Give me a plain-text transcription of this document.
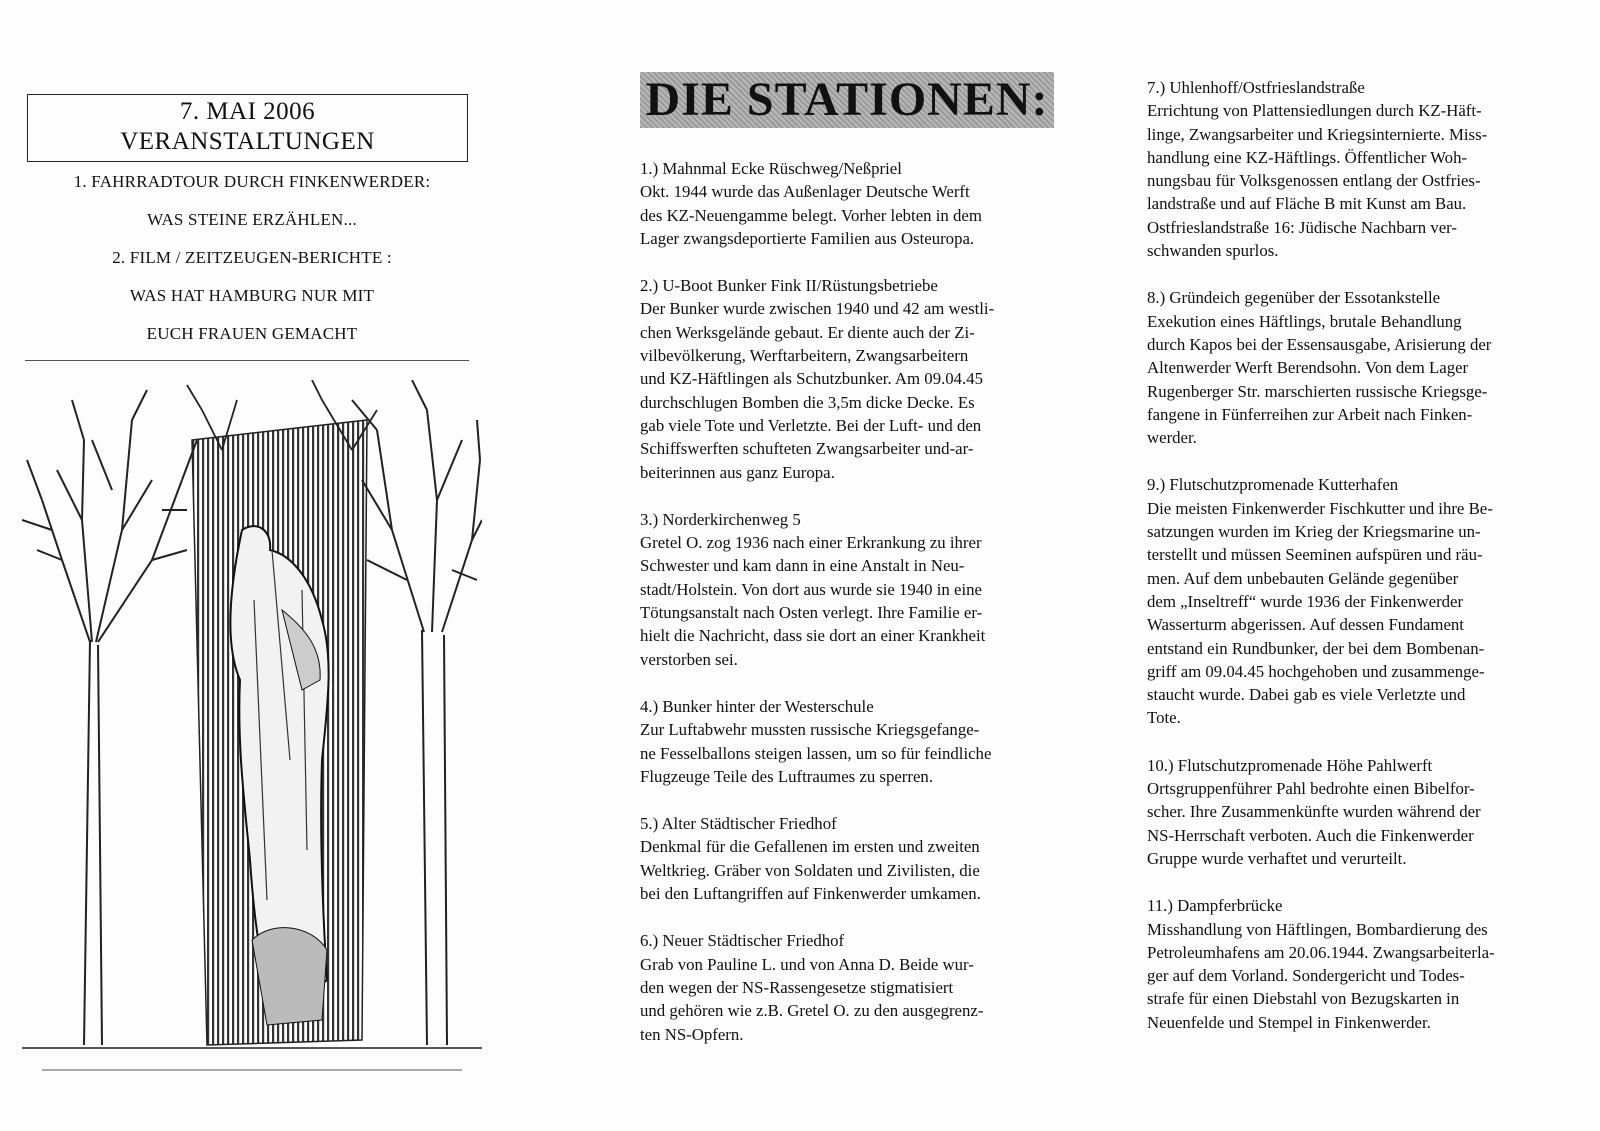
7. MAI 2006
VERANSTALTUNGEN
1. FAHRRADTOUR DURCH FINKENWERDER:
WAS STEINE ERZÄHLEN...
2. FILM / ZEITZEUGEN-BERICHTE :
WAS HAT HAMBURG NUR MIT
EUCH FRAUEN GEMACHT
DIE STATIONEN:
1.) Mahnmal Ecke Rüschweg/Neßpriel
Okt. 1944 wurde das Außenlager Deutsche Werft
des KZ-Neuengamme belegt. Vorher lebten in dem
Lager zwangsdeportierte Familien aus Osteuropa.
2.) U-Boot Bunker Fink II/Rüstungsbetriebe
Der Bunker wurde zwischen 1940 und 42 am westli-
chen Werksgelände gebaut. Er diente auch der Zi-
vilbevölkerung, Werftarbeitern, Zwangsarbeitern
und KZ-Häftlingen als Schutzbunker. Am 09.04.45
durchschlugen Bomben die 3,5m dicke Decke. Es
gab viele Tote und Verletzte. Bei der Luft- und den
Schiffswerften schufteten Zwangsarbeiter und-ar-
beiterinnen aus ganz Europa.
3.) Norderkirchenweg 5
Gretel O. zog 1936 nach einer Erkrankung zu ihrer
Schwester und kam dann in eine Anstalt in Neu-
stadt/Holstein. Von dort aus wurde sie 1940 in eine
Tötungsanstalt nach Osten verlegt. Ihre Familie er-
hielt die Nachricht, dass sie dort an einer Krankheit
verstorben sei.
4.) Bunker hinter der Westerschule
Zur Luftabwehr mussten russische Kriegsgefange-
ne Fesselballons steigen lassen, um so für feindliche
Flugzeuge Teile des Luftraumes zu sperren.
5.) Alter Städtischer Friedhof
Denkmal für die Gefallenen im ersten und zweiten
Weltkrieg. Gräber von Soldaten und Zivilisten, die
bei den Luftangriffen auf Finkenwerder umkamen.
6.) Neuer Städtischer Friedhof
Grab von Pauline L. und von Anna D. Beide wur-
den wegen der NS-Rassengesetze stigmatisiert
und gehören wie z.B. Gretel O. zu den ausgegrenz-
ten NS-Opfern.
7.) Uhlenhoff/Ostfrieslandstraße
Errichtung von Plattensiedlungen durch KZ-Häft-
linge, Zwangsarbeiter und Kriegsinternierte. Miss-
handlung eine KZ-Häftlings. Öffentlicher Woh-
nungsbau für Volksgenossen entlang der Ostfries-
landstraße und auf Fläche B mit Kunst am Bau.
Ostfrieslandstraße 16: Jüdische Nachbarn ver-
schwanden spurlos.
8.) Gründeich gegenüber der Essotankstelle
Exekution eines Häftlings, brutale Behandlung
durch Kapos bei der Essensausgabe, Arisierung der
Altenwerder Werft Berendsohn. Von dem Lager
Rugenberger Str. marschierten russische Kriegsge-
fangene in Fünferreihen zur Arbeit nach Finken-
werder.
9.) Flutschutzpromenade Kutterhafen
Die meisten Finkenwerder Fischkutter und ihre Be-
satzungen wurden im Krieg der Kriegsmarine un-
terstellt und müssen Seeminen aufspüren und räu-
men. Auf dem unbebauten Gelände gegenüber
dem „Inseltreff“ wurde 1936 der Finkenwerder
Wasserturm abgerissen. Auf dessen Fundament
entstand ein Rundbunker, der bei dem Bombenan-
griff am 09.04.45 hochgehoben und zusammenge-
staucht wurde. Dabei gab es viele Verletzte und
Tote.
10.) Flutschutzpromenade Höhe Pahlwerft
Ortsgruppenführer Pahl bedrohte einen Bibelfor-
scher. Ihre Zusammenkünfte wurden während der
NS-Herrschaft verboten. Auch die Finkenwerder
Gruppe wurde verhaftet und verurteilt.
11.) Dampferbrücke
Misshandlung von Häftlingen, Bombardierung des
Petroleumhafens am 20.06.1944. Zwangsarbeiterla-
ger auf dem Vorland. Sondergericht und Todes-
strafe für einen Diebstahl von Bezugskarten in
Neuenfelde und Stempel in Finkenwerder.
